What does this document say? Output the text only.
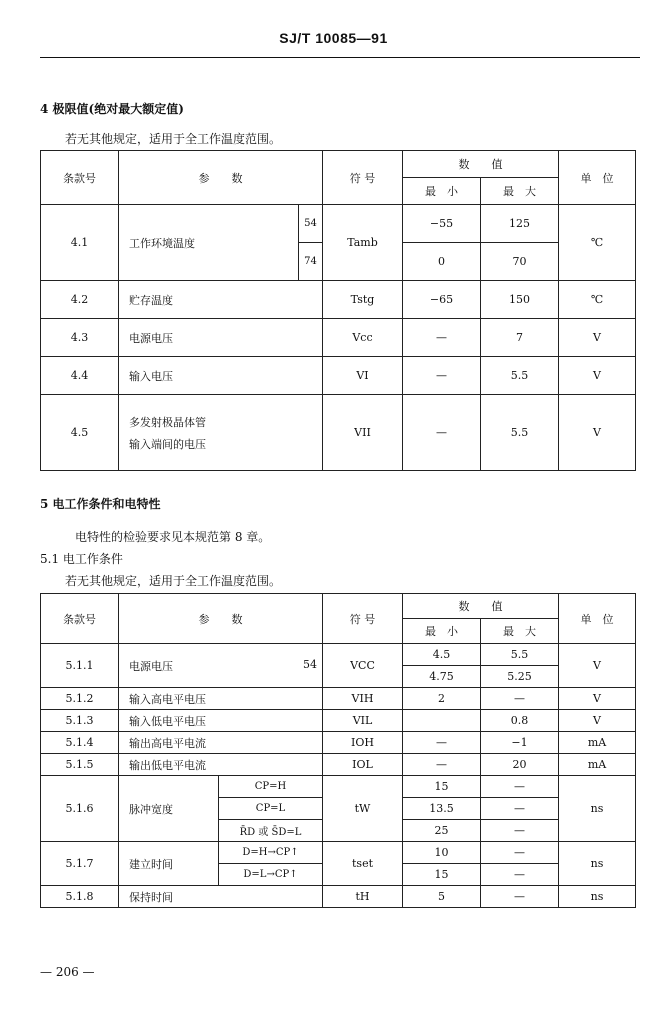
SJ/T 10085—91
4 极限值(绝对最大额定值)
若无其他规定，适用于全工作温度范围。
条款号	参　　数		符 号	数　　值		单　位
				最　小	最　大	
4.1	工作环境温度	54	Tamb	−55	125	℃
		74		0	70	
4.2	贮存温度		Tstg	−65	150	℃
4.3	电源电压		Vcc	—	7	V
4.4	输入电压		VI	—	5.5	V
4.5	多发射极晶体管
输入端间的电压		VII	—	5.5	V
5 电工作条件和电特性
电特性的检验要求见本规范第 8 章。
5.1 电工作条件
若无其他规定，适用于全工作温度范围。
条款号	参　　数		符 号	数　　值		单　位
				最　小	最　大	
5.1.1	电源电压 54		VCC	4.5	5.5	V
				4.75	5.25	
5.1.2	输入高电平电压		VIH	2	—	V
5.1.3	输入低电平电压		VIL		0.8	V
5.1.4	输出高电平电流		IOH	—	−1	mA
5.1.5	输出低电平电流		IOL	—	20	mA
5.1.6	脉冲宽度	CP=H	tW	15	—	ns
		CP=L		13.5	—	
		R̄D 或 S̄D=L		25	—	
5.1.7	建立时间	D=H→CP↑	tset	10	—	ns
		D=L→CP↑		15	—	
5.1.8	保持时间		tH	5	—	ns
— 206 —
